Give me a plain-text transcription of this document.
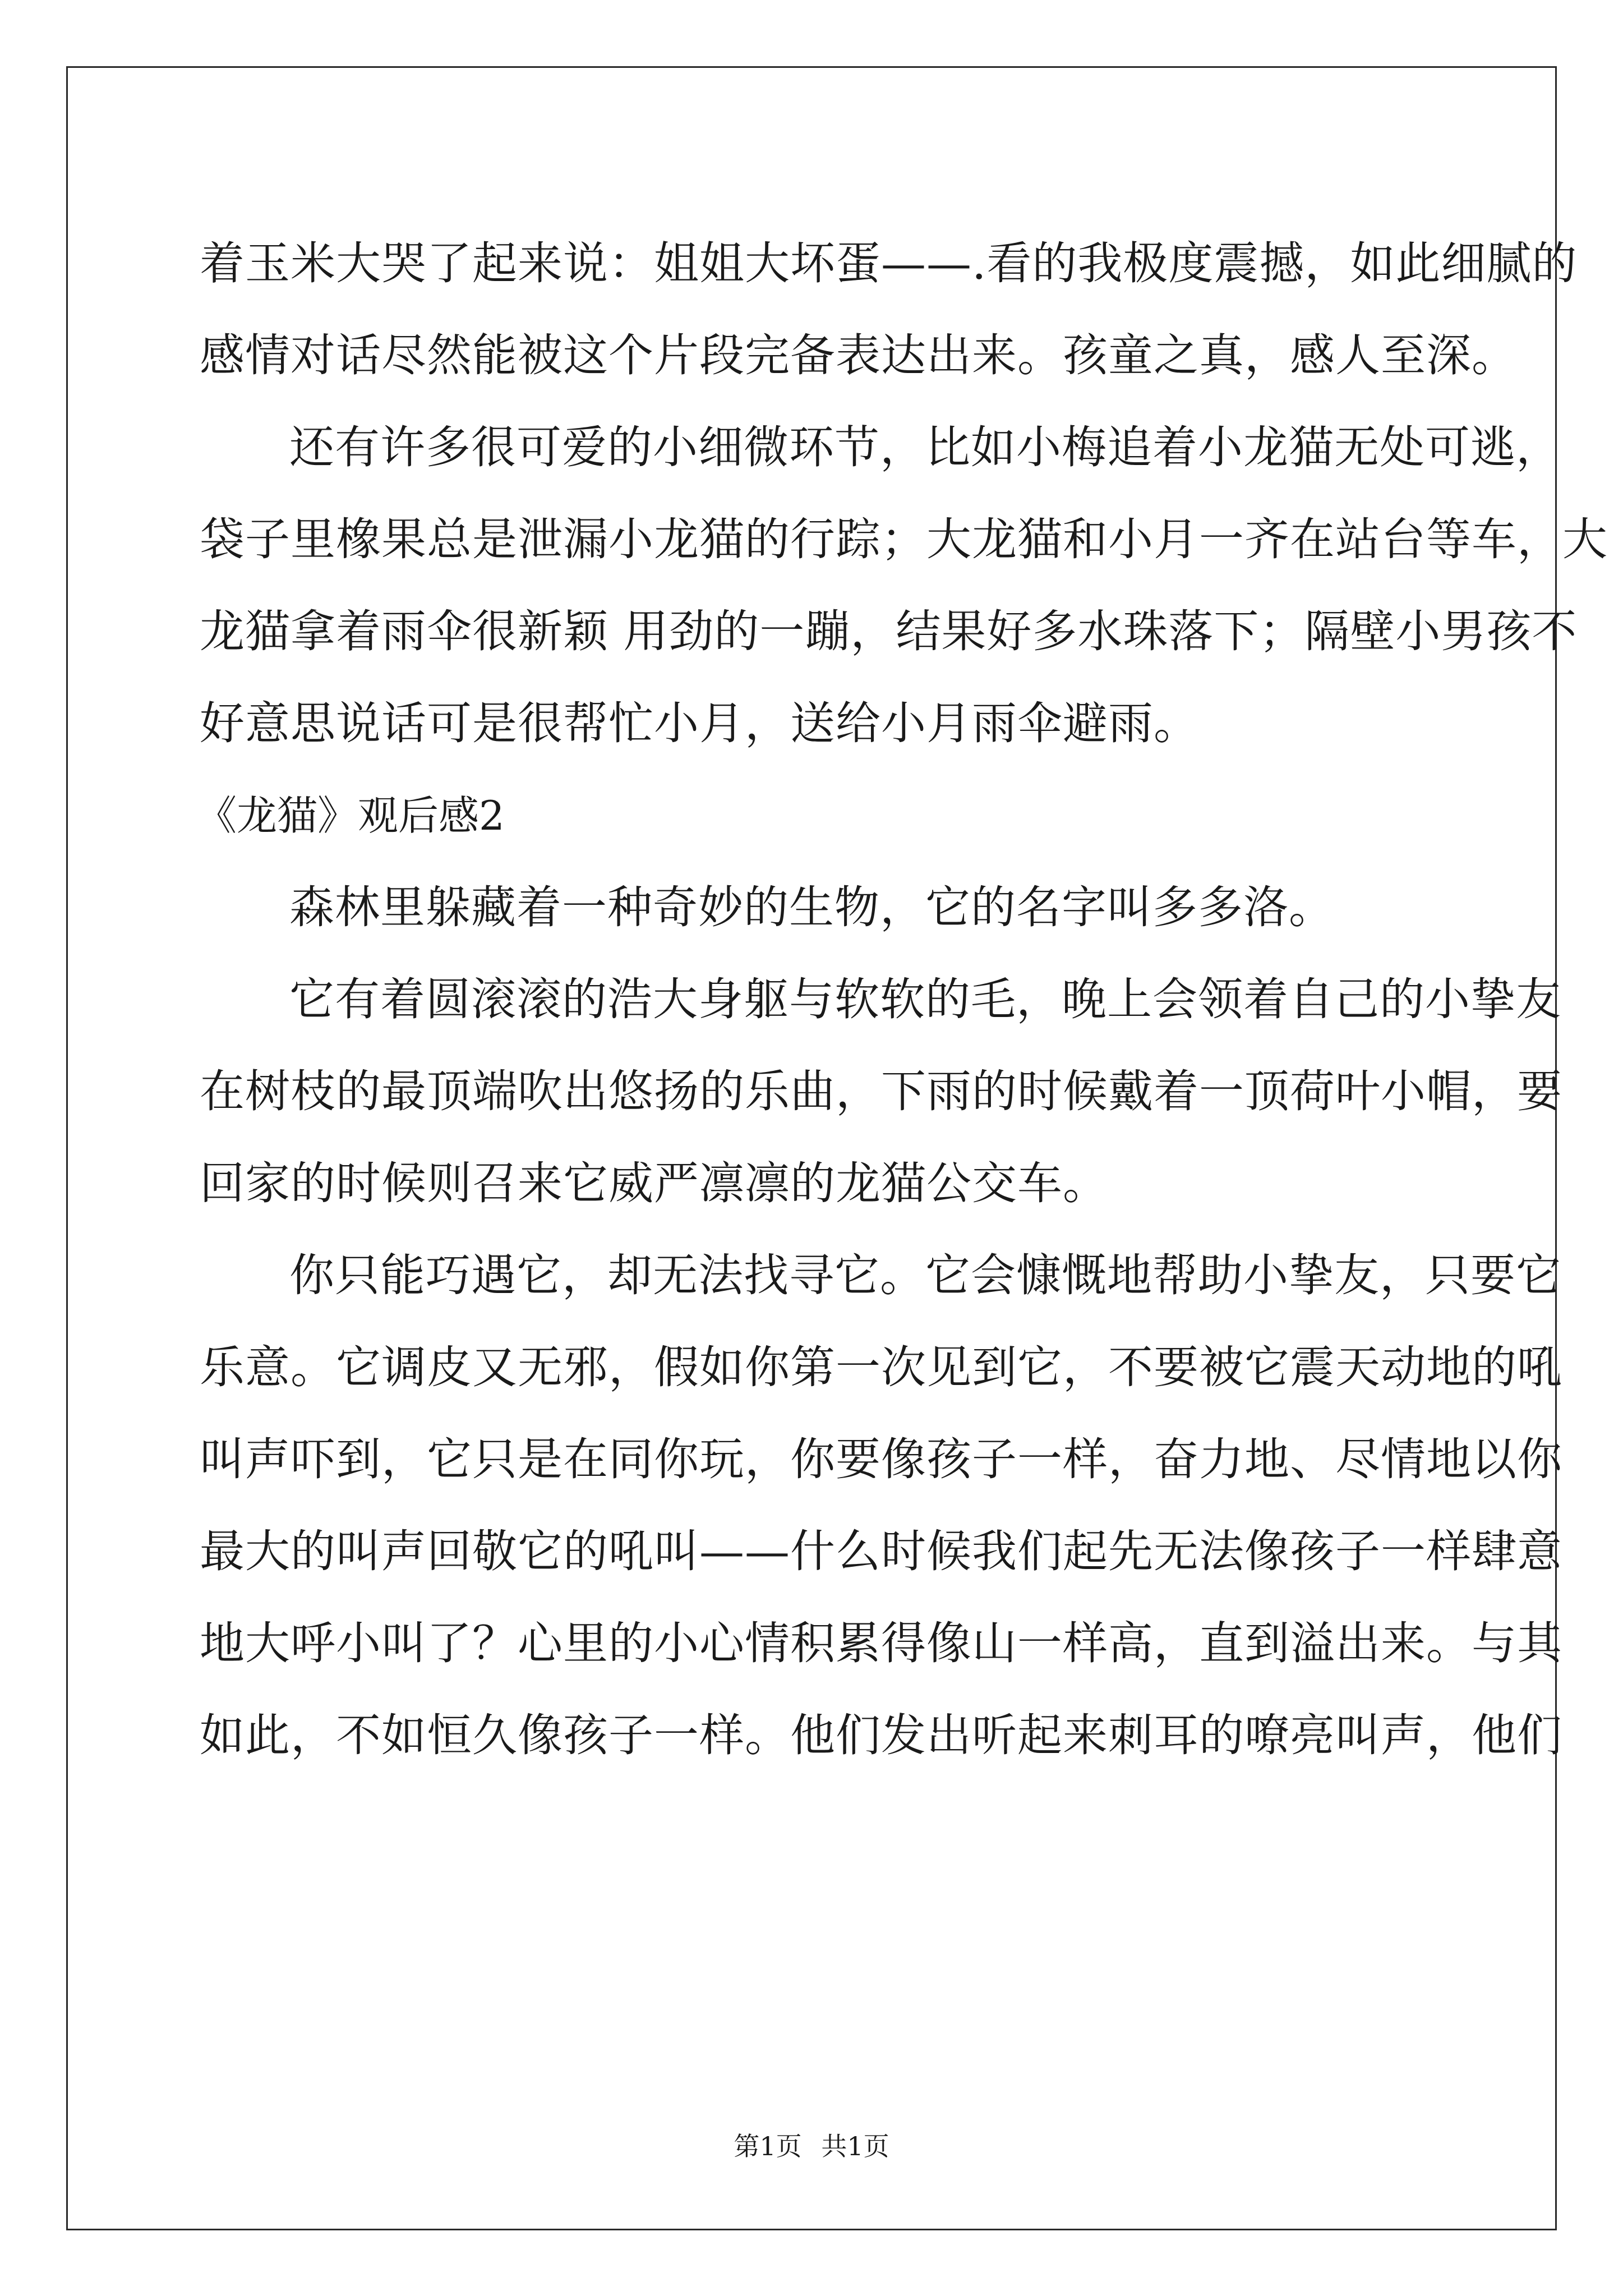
着玉米大哭了起来说：姐姐大坏蛋——.看的我极度震撼，如此细腻的
感情对话尽然能被这个片段完备表达出来。孩童之真，感人至深。
还有许多很可爱的小细微环节，比如小梅追着小龙猫无处可逃，
袋子里橡果总是泄漏小龙猫的行踪；大龙猫和小月一齐在站台等车，大
龙猫拿着雨伞很新颖 用劲的一蹦，结果好多水珠落下；隔壁小男孩不
好意思说话可是很帮忙小月，送给小月雨伞避雨。
《龙猫》观后感2
森林里躲藏着一种奇妙的生物，它的名字叫多多洛。
它有着圆滚滚的浩大身躯与软软的毛，晚上会领着自己的小挚友
在树枝的最顶端吹出悠扬的乐曲，下雨的时候戴着一顶荷叶小帽，要
回家的时候则召来它威严凛凛的龙猫公交车。
你只能巧遇它，却无法找寻它。它会慷慨地帮助小挚友，只要它
乐意。它调皮又无邪，假如你第一次见到它，不要被它震天动地的吼
叫声吓到，它只是在同你玩，你要像孩子一样，奋力地、尽情地以你
最大的叫声回敬它的吼叫——什么时候我们起先无法像孩子一样肆意
地大呼小叫了？心里的小心情积累得像山一样高，直到溢出来。与其
如此，不如恒久像孩子一样。他们发出听起来刺耳的嘹亮叫声，他们
第1页 共1页
